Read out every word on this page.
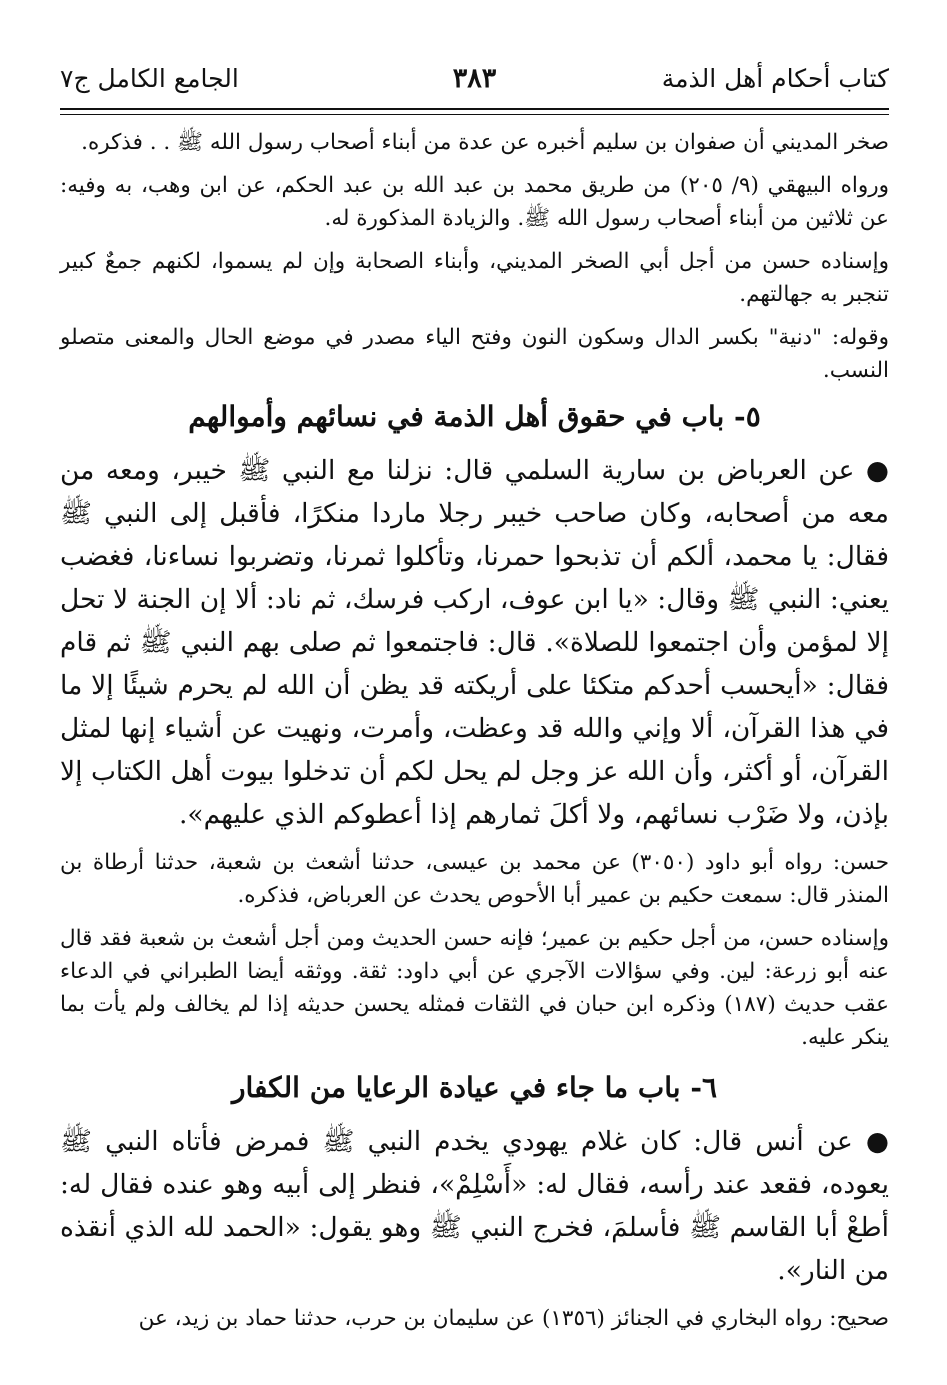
٣٨٣	كتاب أحكام أهل الذمة
الجامع الكامل ج٧

صخر المديني أن صفوان بن سليم أخبره عن عدة من أبناء أصحاب رسول الله ﷺ . . فذكره.

ورواه البيهقي (٩/ ٢٠٥) من طريق محمد بن عبد الله بن عبد الحكم، عن ابن وهب، به وفيه: عن ثلاثين من أبناء أصحاب رسول الله ﷺ. والزيادة المذكورة له.

وإسناده حسن من أجل أبي الصخر المديني، وأبناء الصحابة وإن لم يسموا، لكنهم جمعٌ كبير تنجبر به جهالتهم.

وقوله: "دنية" بكسر الدال وسكون النون وفتح الياء مصدر في موضع الحال والمعنى متصلو النسب.

٥- باب في حقوق أهل الذمة في نسائهم وأموالهم

● عن العرباض بن سارية السلمي قال: نزلنا مع النبي ﷺ خيبر، ومعه من معه من أصحابه، وكان صاحب خيبر رجلا ماردا منكرًا، فأقبل إلى النبي ﷺ فقال: يا محمد، ألكم أن تذبحوا حمرنا، وتأكلوا ثمرنا، وتضربوا نساءنا، فغضب يعني: النبي ﷺ وقال: «يا ابن عوف، اركب فرسك، ثم ناد: ألا إن الجنة لا تحل إلا لمؤمن وأن اجتمعوا للصلاة». قال: فاجتمعوا ثم صلى بهم النبي ﷺ ثم قام فقال: «أيحسب أحدكم متكئا على أريكته قد يظن أن الله لم يحرم شيئًا إلا ما في هذا القرآن، ألا وإني والله قد وعظت، وأمرت، ونهيت عن أشياء إنها لمثل القرآن، أو أكثر، وأن الله عز وجل لم يحل لكم أن تدخلوا بيوت أهل الكتاب إلا بإذن، ولا ضَرْب نسائهم، ولا أكلَ ثمارهم إذا أعطوكم الذي عليهم».

حسن: رواه أبو داود (٣٠٥٠) عن محمد بن عيسى، حدثنا أشعث بن شعبة، حدثنا أرطاة بن المنذر قال: سمعت حكيم بن عمير أبا الأحوص يحدث عن العرباض، فذكره.

وإسناده حسن، من أجل حكيم بن عمير؛ فإنه حسن الحديث ومن أجل أشعث بن شعبة فقد قال عنه أبو زرعة: لين. وفي سؤالات الآجري عن أبي داود: ثقة. ووثقه أيضا الطبراني في الدعاء عقب حديث (١٨٧) وذكره ابن حبان في الثقات فمثله يحسن حديثه إذا لم يخالف ولم يأت بما ينكر عليه.

٦- باب ما جاء في عيادة الرعايا من الكفار

● عن أنس قال: كان غلام يهودي يخدم النبي ﷺ فمرض فأتاه النبي ﷺ يعوده، فقعد عند رأسه، فقال له: «أَسْلِمْ»، فنظر إلى أبيه وهو عنده فقال له: أطعْ أبا القاسم ﷺ فأسلمَ، فخرج النبي ﷺ وهو يقول: «الحمد لله الذي أنقذه من النار».

صحيح: رواه البخاري في الجنائز (١٣٥٦) عن سليمان بن حرب، حدثنا حماد بن زيد، عن
